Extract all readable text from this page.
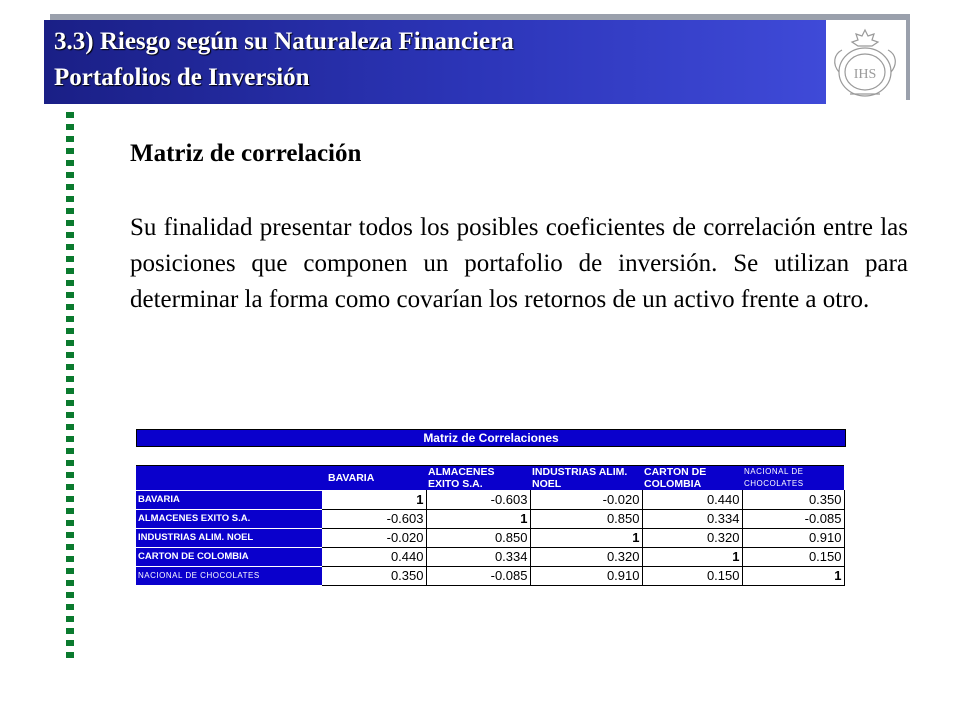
3.3) Riesgo según su Naturaleza Financiera
Portafolios de Inversión	IHS
Matriz de correlación
Su finalidad presentar todos los posibles coeficientes de correlación entre las posiciones que componen un portafolio de inversión. Se utilizan para determinar la forma como covarían los retornos de un activo frente a otro.
Matriz de Correlaciones
	BAVARIA	ALMACENES EXITO S.A.	INDUSTRIAS ALIM. NOEL	CARTON DE COLOMBIA	NACIONAL DE CHOCOLATES
BAVARIA	1	-0.603	-0.020	0.440	0.350
ALMACENES EXITO S.A.	-0.603	1	0.850	0.334	-0.085
INDUSTRIAS ALIM. NOEL	-0.020	0.850	1	0.320	0.910
CARTON DE COLOMBIA	0.440	0.334	0.320	1	0.150
NACIONAL DE CHOCOLATES	0.350	-0.085	0.910	0.150	1
